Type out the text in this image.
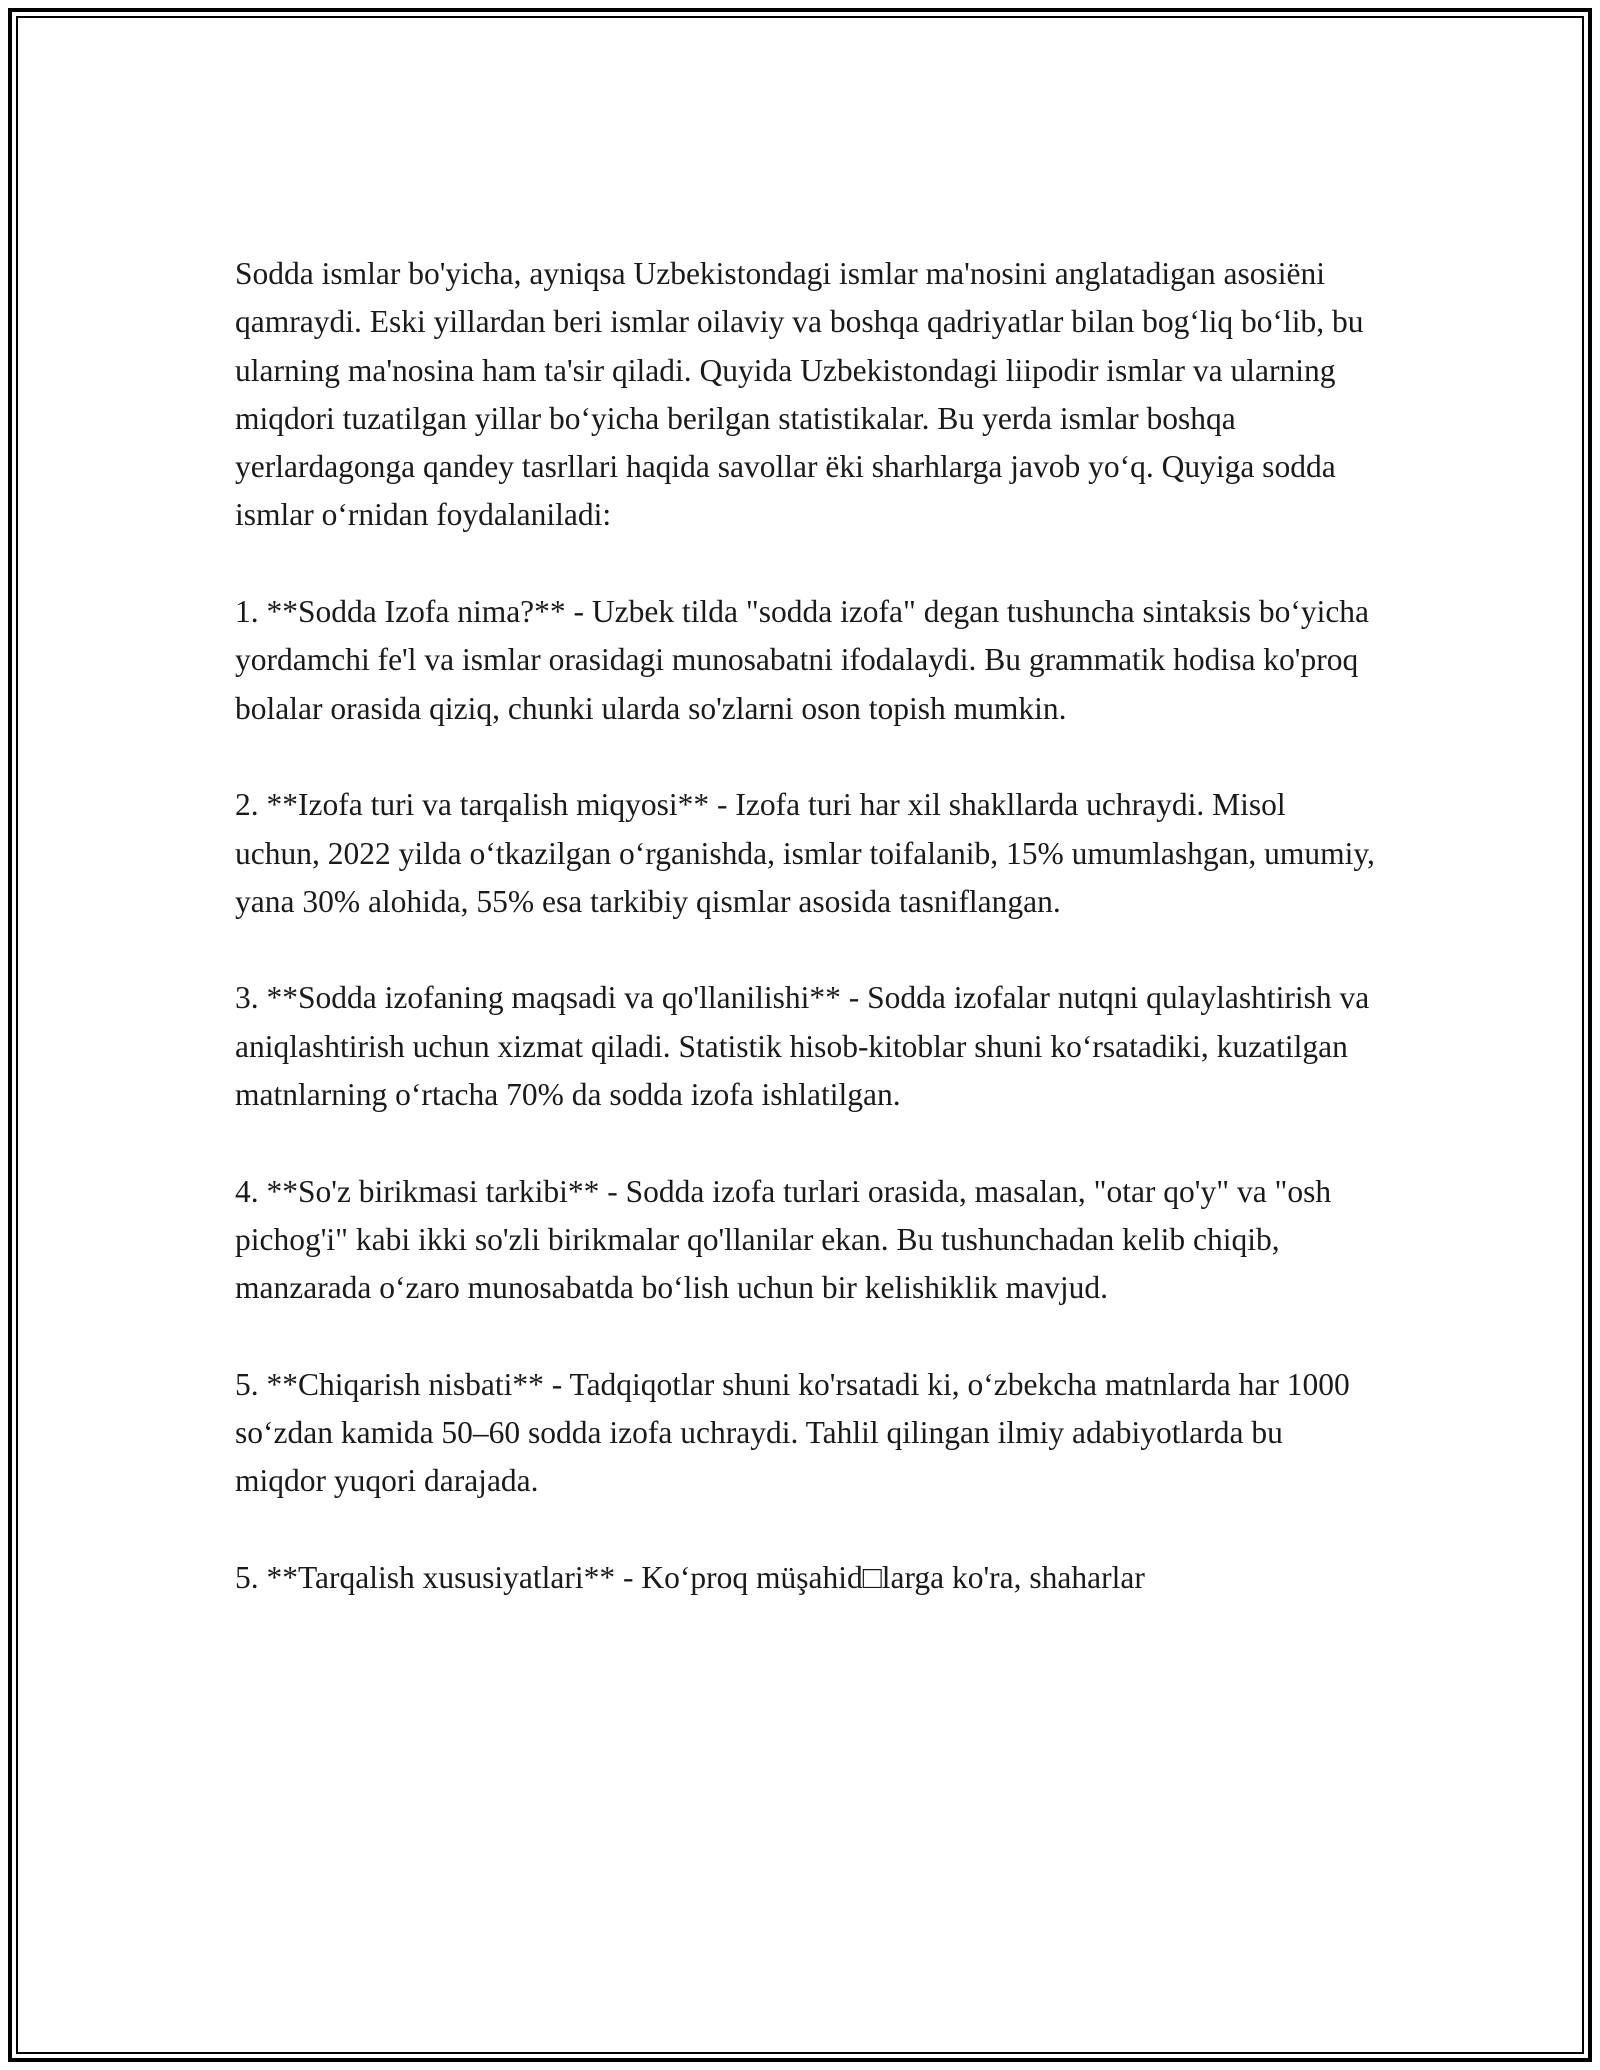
Sodda ismlar bo'yicha, ayniqsa Uzbekistondagi ismlar ma'nosini anglatadigan asosiëni qamraydi. Eski yillardan beri ismlar oilaviy va boshqa qadriyatlar bilan bog‘liq bo‘lib, bu ularning ma'nosina ham ta'sir qiladi. Quyida Uzbekistondagi liipodir ismlar va ularning miqdori tuzatilgan yillar bo‘yicha berilgan statistikalar. Bu yerda ismlar boshqa yerlardagonga qandey tasrllari haqida savollar ëki sharhlarga javob yo‘q. Quyiga sodda ismlar o‘rnidan foydalaniladi:

1. **Sodda Izofa nima?** - Uzbek tilda "sodda izofa" degan tushuncha sintaksis bo‘yicha yordamchi fe'l va ismlar orasidagi munosabatni ifodalaydi. Bu grammatik hodisa ko'proq bolalar orasida qiziq, chunki ularda so'zlarni oson topish mumkin.

2. **Izofa turi va tarqalish miqyosi** - Izofa turi har xil shakllarda uchraydi. Misol uchun, 2022 yilda o‘tkazilgan o‘rganishda, ismlar toifalanib, 15% umumlashgan, umumiy, yana 30% alohida, 55% esa tarkibiy qismlar asosida tasniflangan.

3. **Sodda izofaning maqsadi va qo'llanilishi** - Sodda izofalar nutqni qulaylashtirish va aniqlashtirish uchun xizmat qiladi. Statistik hisob-kitoblar shuni ko‘rsatadiki, kuzatilgan matnlarning o‘rtacha 70% da sodda izofa ishlatilgan.

4. **So'z birikmasi tarkibi** - Sodda izofa turlari orasida, masalan, "otar qo'y" va "osh pichog'i" kabi ikki so'zli birikmalar qo'llanilar ekan. Bu tushunchadan kelib chiqib, manzarada o‘zaro munosabatda bo‘lish uchun bir kelishiklik mavjud.

5. **Chiqarish nisbati** - Tadqiqotlar shuni ko'rsatadi ki, o‘zbekcha matnlarda har 1000 so‘zdan kamida 50–60 sodda izofa uchraydi. Tahlil qilingan ilmiy adabiyotlarda bu miqdor yuqori darajada.

5. **Tarqalish xususiyatlari** - Ko‘proq müşahid□larga ko'ra, shaharlar
